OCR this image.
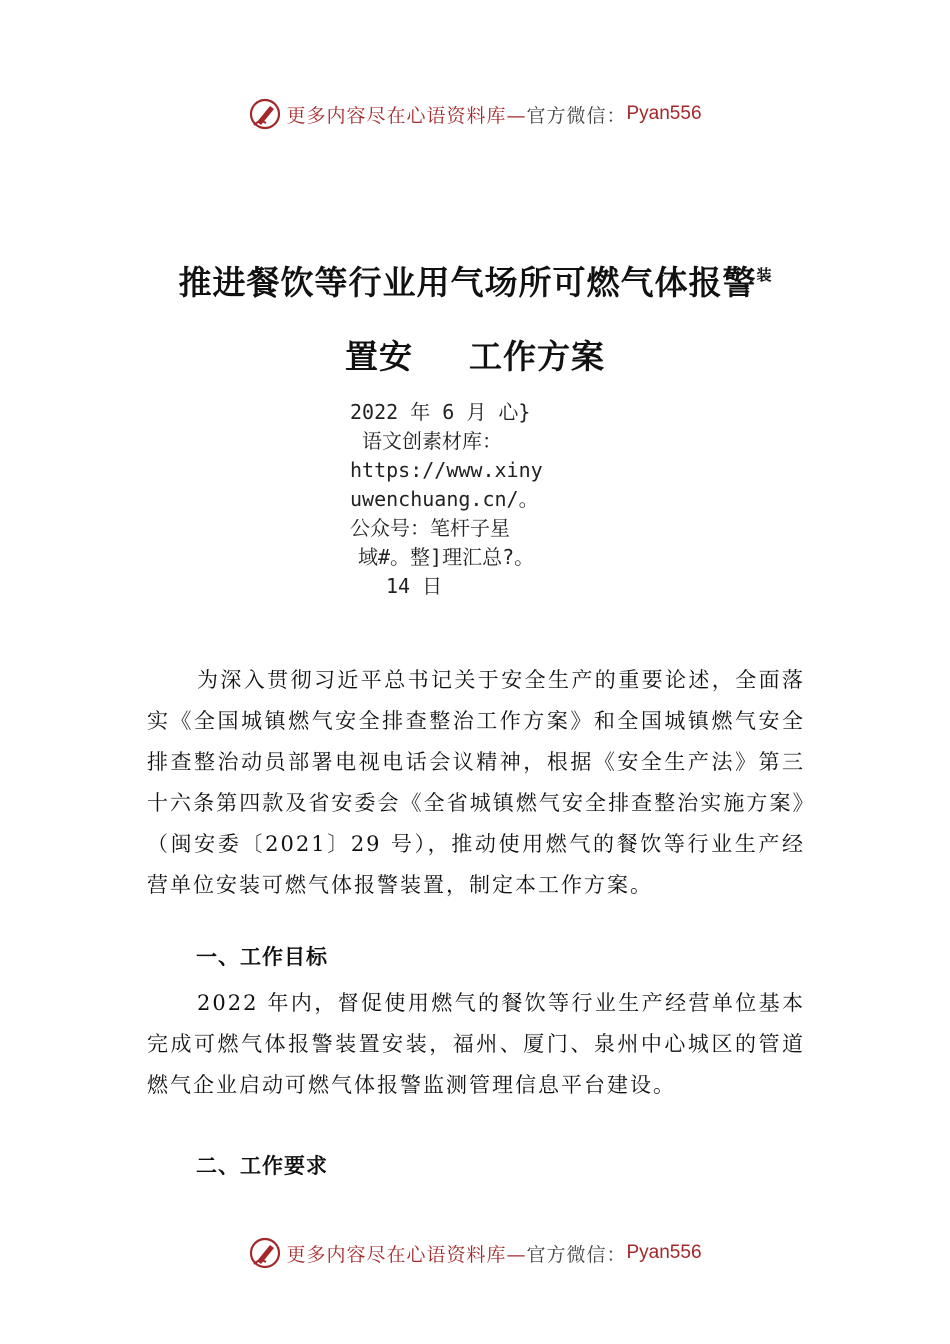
更多内容尽在心语资料库— 官方微信： Pyan556
推进餐饮等行业用气场所可燃气体报警$^装$
置安 工作方案
2022 年 6 月 心}
语文创素材库：
https://www.xiny
uwenchuang.cn/。
公众号：笔杆子星
域#。整]理汇总?。
14 日
为深入贯彻习近平总书记关于安全生产的重要论述，全面落实《全国城镇燃气安全排查整治工作方案》和全国城镇燃气安全排查整治动员部署电视电话会议精神，根据《安全生产法》第三十六条第四款及省安委会《全省城镇燃气安全排查整治实施方案》（闽安委〔2021〕29 号），推动使用燃气的餐饮等行业生产经营单位安装可燃气体报警装置，制定本工作方案。
一、工作目标
2022 年内，督促使用燃气的餐饮等行业生产经营单位基本完成可燃气体报警装置安装，福州、厦门、泉州中心城区的管道燃气企业启动可燃气体报警监测管理信息平台建设。
二、工作要求
更多内容尽在心语资料库— 官方微信： Pyan556
